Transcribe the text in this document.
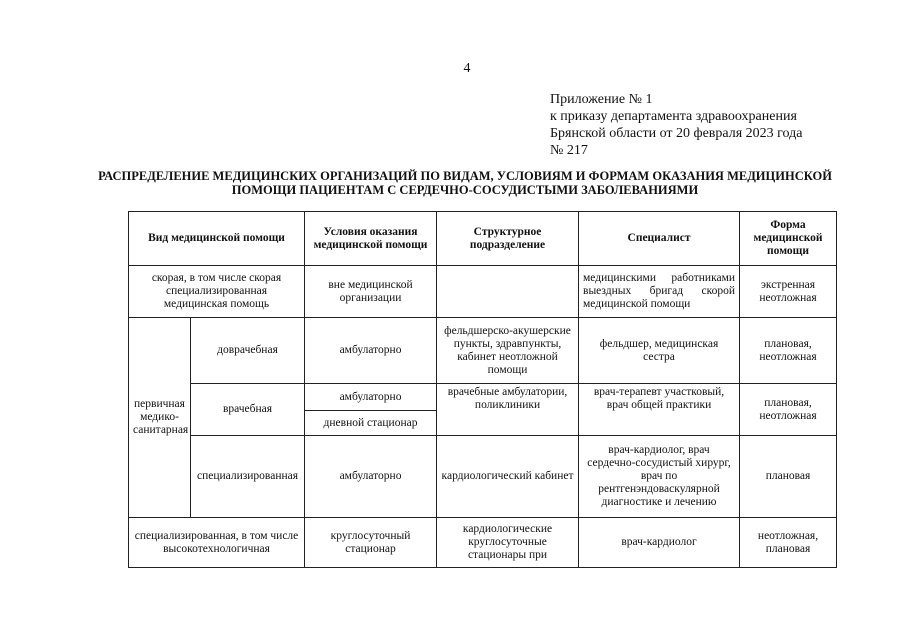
4
Приложение № 1
к приказу департамента здравоохранения
Брянской области от 20 февраля 2023 года
№ 217
РАСПРЕДЕЛЕНИЕ МЕДИЦИНСКИХ ОРГАНИЗАЦИЙ ПО ВИДАМ, УСЛОВИЯМ И ФОРМАМ ОКАЗАНИЯ МЕДИЦИНСКОЙ
ПОМОЩИ ПАЦИЕНТАМ С СЕРДЕЧНО-СОСУДИСТЫМИ ЗАБОЛЕВАНИЯМИ
Вид медицинской помощи		Условия оказания медицинской помощи	Структурное подразделение	Специалист	Форма медицинской помощи
скорая, в том числе скорая специализированная медицинская помощь		вне медицинской организации		медицинскими работниками выездных бригад скорой медицинской помощи	экстренная неотложная
первичная медико-санитарная	доврачебная	амбулаторно	фельдшерско-акушерские пункты, здравпункты, кабинет неотложной помощи	фельдшер, медицинская сестра	плановая, неотложная
	врачебная	амбулаторно	врачебные амбулатории, поликлиники	врач-терапевт участковый, врач общей практики	плановая, неотложная
		дневной стационар			
	специализированная	амбулаторно	кардиологический кабинет	врач-кардиолог, врач сердечно-сосудистый хирург, врач по рентгенэндоваскулярной диагностике и лечению	плановая
специализированная, в том числе высокотехнологичная		круглосуточный стационар	кардиологические круглосуточные стационары при	врач-кардиолог	неотложная, плановая
